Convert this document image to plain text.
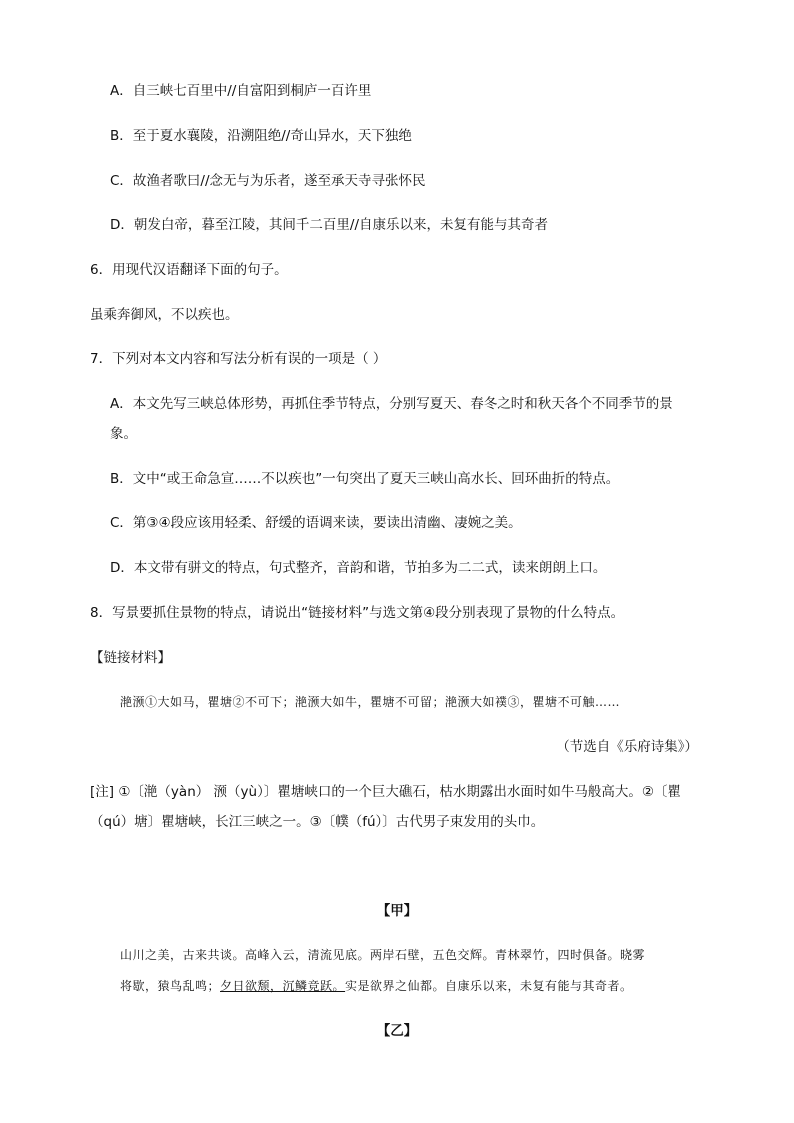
A．自三峡七百里中//自富阳到桐庐一百许里
B．至于夏水襄陵，沿溯阻绝//奇山异水，天下独绝
C．故渔者歌曰//念无与为乐者，遂至承天寺寻张怀民
D．朝发白帝，暮至江陵，其间千二百里//自康乐以来，未复有能与其奇者
6．用现代汉语翻译下面的句子。
虽乘奔御风，不以疾也。
7．下列对本文内容和写法分析有误的一项是（ ）
A．本文先写三峡总体形势，再抓住季节特点，分别写夏天、春冬之时和秋天各个不同季节的景
象。
B．文中“或王命急宣……不以疾也”一句突出了夏天三峡山高水长、回环曲折的特点。
C．第③④段应该用轻柔、舒缓的语调来读，要读出清幽、凄婉之美。
D．本文带有骈文的特点，句式整齐，音韵和谐，节拍多为二二式，读来朗朗上口。
8．写景要抓住景物的特点，请说出“链接材料”与选文第④段分别表现了景物的什么特点。
【链接材料】
滟滪①大如马，瞿塘②不可下；滟滪大如牛，瞿塘不可留；滟滪大如襆③，瞿塘不可触……
（节选自《乐府诗集》）
[注] ①〔滟（yàn） 滪（yù）〕瞿塘峡口的一个巨大礁石，枯水期露出水面时如牛马般高大。②〔瞿
（qú）塘〕瞿塘峡，长江三峡之一。③〔幞（fú）〕古代男子束发用的头巾。
【甲】
山川之美，古来共谈。高峰入云，清流见底。两岸石壁，五色交辉。青林翠竹，四时俱备。晓雾
将歇，猿鸟乱鸣；夕日欲颓，沉鳞竞跃。实是欲界之仙都。自康乐以来，未复有能与其奇者。
【乙】
